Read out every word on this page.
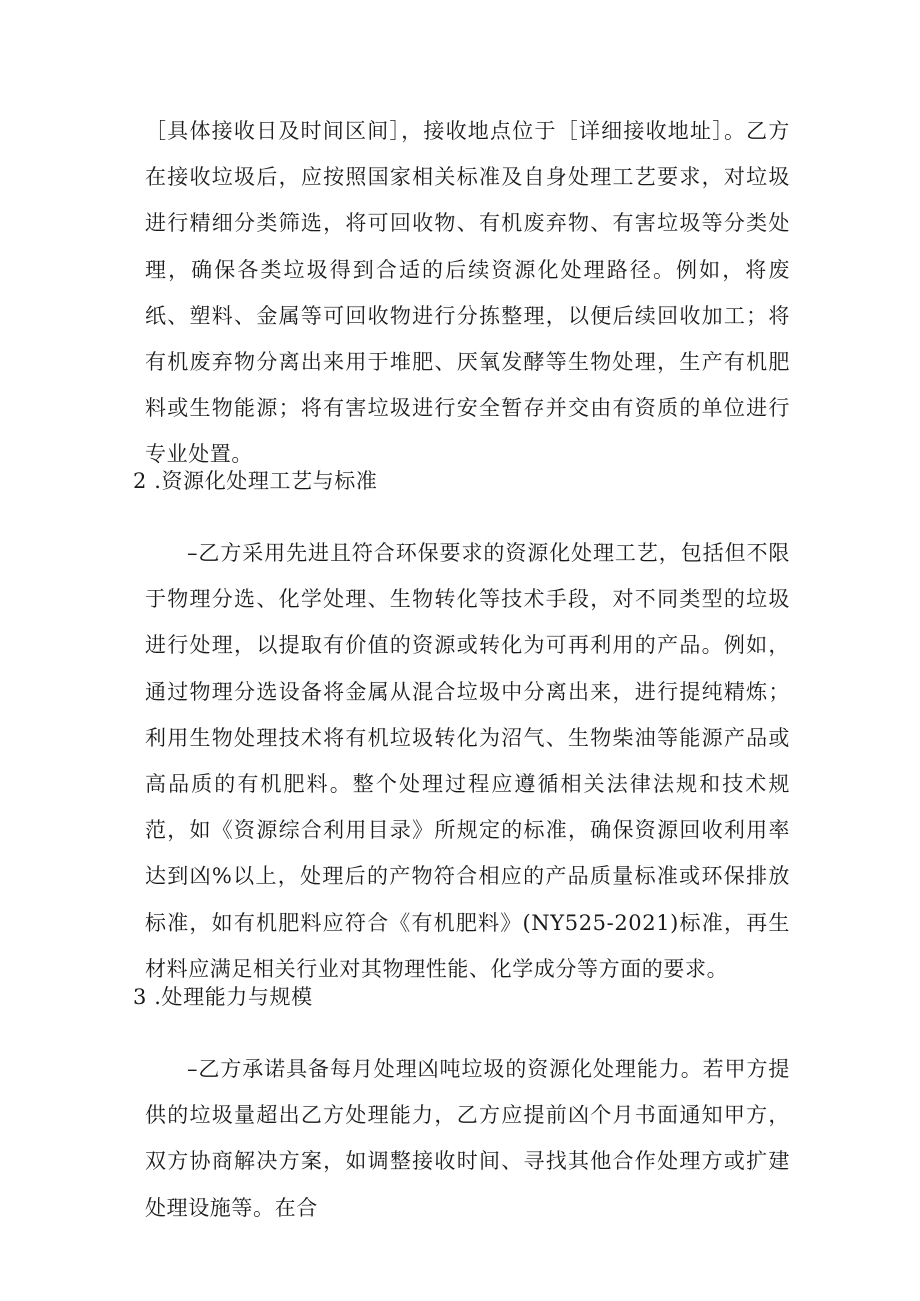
［具体接收日及时间区间］，接收地点位于［详细接收地址］。乙方在接收垃圾后，应按照国家相关标准及自身处理工艺要求，对垃圾进行精细分类筛选，将可回收物、有机废弃物、有害垃圾等分类处理，确保各类垃圾得到合适的后续资源化处理路径。例如，将废纸、塑料、金属等可回收物进行分拣整理，以便后续回收加工；将有机废弃物分离出来用于堆肥、厌氧发酵等生物处理，生产有机肥料或生物能源；将有害垃圾进行安全暂存并交由有资质的单位进行专业处置。

2 .资源化处理工艺与标准

–乙方采用先进且符合环保要求的资源化处理工艺，包括但不限于物理分选、化学处理、生物转化等技术手段，对不同类型的垃圾进行处理，以提取有价值的资源或转化为可再利用的产品。例如，通过物理分选设备将金属从混合垃圾中分离出来，进行提纯精炼；利用生物处理技术将有机垃圾转化为沼气、生物柴油等能源产品或高品质的有机肥料。整个处理过程应遵循相关法律法规和技术规范，如《资源综合利用目录》所规定的标准，确保资源回收利用率达到凶%以上，处理后的产物符合相应的产品质量标准或环保排放标准，如有机肥料应符合《有机肥料》(NY525-2021)标准，再生材料应满足相关行业对其物理性能、化学成分等方面的要求。

3 .处理能力与规模

–乙方承诺具备每月处理凶吨垃圾的资源化处理能力。若甲方提供的垃圾量超出乙方处理能力，乙方应提前凶个月书面通知甲方，双方协商解决方案，如调整接收时间、寻找其他合作处理方或扩建处理设施等。在合
